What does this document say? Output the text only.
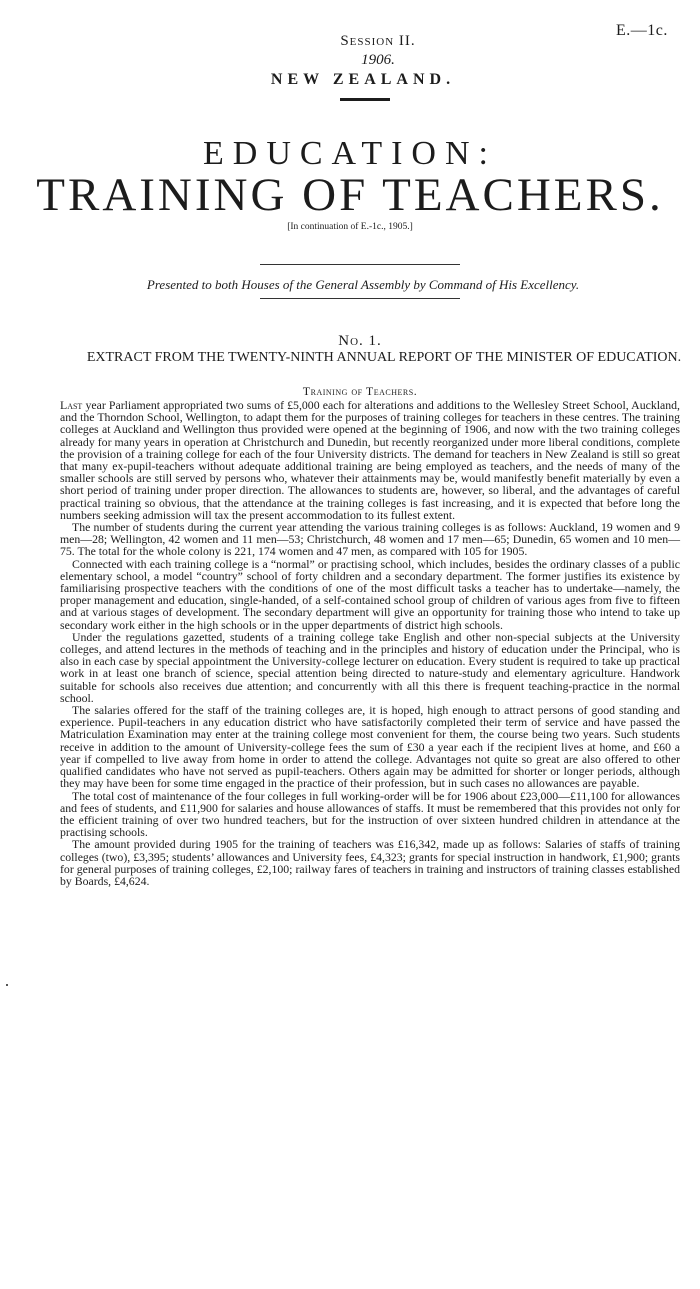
E.—1c.
Session II.
1906.
NEW ZEALAND.
EDUCATION:
TRAINING OF TEACHERS.
[In continuation of E.-1c., 1905.]
Presented to both Houses of the General Assembly by Command of His Excellency.
No. 1.
EXTRACT FROM THE TWENTY-NINTH ANNUAL REPORT OF THE MINISTER OF EDUCATION.
Training of Teachers.

Last year Parliament appropriated two sums of £5,000 each for alterations and additions to the Wellesley Street School, Auckland, and the Thorndon School, Wellington, to adapt them for the purposes of training colleges for teachers in these centres. The training colleges at Auckland and Wellington thus provided were opened at the beginning of 1906, and now with the two training colleges already for many years in operation at Christchurch and Dunedin, but recently reorganized under more liberal conditions, complete the provision of a training college for each of the four University districts. The demand for teachers in New Zealand is still so great that many ex-pupil-teachers without adequate additional training are being employed as teachers, and the needs of many of the smaller schools are still served by persons who, whatever their attainments may be, would manifestly benefit materially by even a short period of training under proper direction. The allowances to students are, however, so liberal, and the advantages of careful practical training so obvious, that the attendance at the training colleges is fast increasing, and it is expected that before long the numbers seeking admission will tax the present accommodation to its fullest extent.

The number of students during the current year attending the various training colleges is as follows: Auckland, 19 women and 9 men—28; Wellington, 42 women and 11 men—53; Christchurch, 48 women and 17 men—65; Dunedin, 65 women and 10 men—75. The total for the whole colony is 221, 174 women and 47 men, as compared with 105 for 1905.

Connected with each training college is a “normal” or practising school, which includes, besides the ordinary classes of a public elementary school, a model “country” school of forty children and a secondary department. The former justifies its existence by familiarising prospective teachers with the conditions of one of the most difficult tasks a teacher has to undertake—namely, the proper management and education, single-handed, of a self-contained school group of children of various ages from five to fifteen and at various stages of development. The secondary department will give an opportunity for training those who intend to take up secondary work either in the high schools or in the upper departments of district high schools.

Under the regulations gazetted, students of a training college take English and other non-special subjects at the University colleges, and attend lectures in the methods of teaching and in the principles and history of education under the Principal, who is also in each case by special appointment the University-college lecturer on education. Every student is required to take up practical work in at least one branch of science, special attention being directed to nature-study and elementary agriculture. Handwork suitable for schools also receives due attention; and concurrently with all this there is frequent teaching-practice in the normal school.

The salaries offered for the staff of the training colleges are, it is hoped, high enough to attract persons of good standing and experience. Pupil-teachers in any education district who have satisfactorily completed their term of service and have passed the Matriculation Examination may enter at the training college most convenient for them, the course being two years. Such students receive in addition to the amount of University-college fees the sum of £30 a year each if the recipient lives at home, and £60 a year if compelled to live away from home in order to attend the college. Advantages not quite so great are also offered to other qualified candidates who have not served as pupil-teachers. Others again may be admitted for shorter or longer periods, although they may have been for some time engaged in the practice of their profession, but in such cases no allowances are payable.

The total cost of maintenance of the four colleges in full working-order will be for 1906 about £23,000—£11,100 for allowances and fees of students, and £11,900 for salaries and house allowances of staffs. It must be remembered that this provides not only for the efficient training of over two hundred teachers, but for the instruction of over sixteen hundred children in attendance at the practising schools.

The amount provided during 1905 for the training of teachers was £16,342, made up as follows: Salaries of staffs of training colleges (two), £3,395; students’ allowances and University fees, £4,323; grants for special instruction in handwork, £1,900; grants for general purposes of training colleges, £2,100; railway fares of teachers in training and instructors of training classes established by Boards, £4,624.
